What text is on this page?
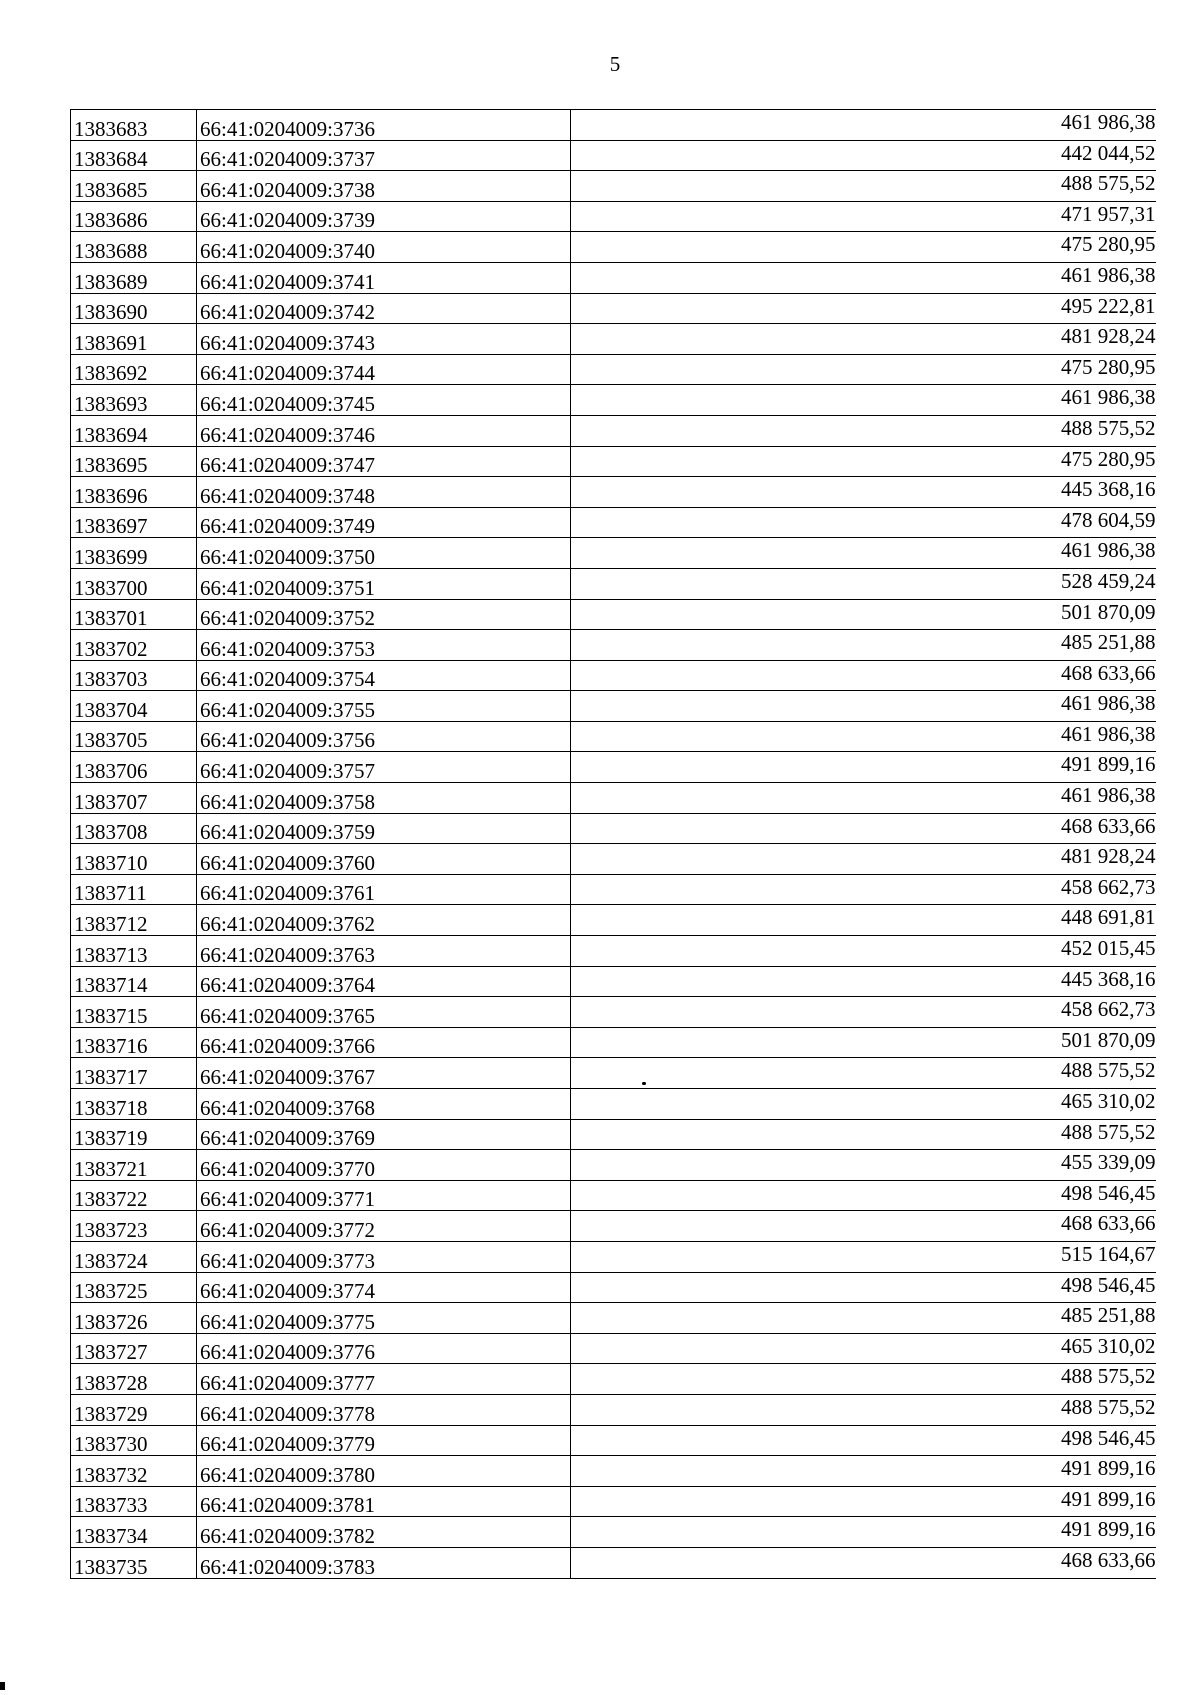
5
1383683	66:41:0204009:3736	461 986,38
1383684	66:41:0204009:3737	442 044,52
1383685	66:41:0204009:3738	488 575,52
1383686	66:41:0204009:3739	471 957,31
1383688	66:41:0204009:3740	475 280,95
1383689	66:41:0204009:3741	461 986,38
1383690	66:41:0204009:3742	495 222,81
1383691	66:41:0204009:3743	481 928,24
1383692	66:41:0204009:3744	475 280,95
1383693	66:41:0204009:3745	461 986,38
1383694	66:41:0204009:3746	488 575,52
1383695	66:41:0204009:3747	475 280,95
1383696	66:41:0204009:3748	445 368,16
1383697	66:41:0204009:3749	478 604,59
1383699	66:41:0204009:3750	461 986,38
1383700	66:41:0204009:3751	528 459,24
1383701	66:41:0204009:3752	501 870,09
1383702	66:41:0204009:3753	485 251,88
1383703	66:41:0204009:3754	468 633,66
1383704	66:41:0204009:3755	461 986,38
1383705	66:41:0204009:3756	461 986,38
1383706	66:41:0204009:3757	491 899,16
1383707	66:41:0204009:3758	461 986,38
1383708	66:41:0204009:3759	468 633,66
1383710	66:41:0204009:3760	481 928,24
1383711	66:41:0204009:3761	458 662,73
1383712	66:41:0204009:3762	448 691,81
1383713	66:41:0204009:3763	452 015,45
1383714	66:41:0204009:3764	445 368,16
1383715	66:41:0204009:3765	458 662,73
1383716	66:41:0204009:3766	501 870,09
1383717	66:41:0204009:3767	488 575,52
1383718	66:41:0204009:3768	465 310,02
1383719	66:41:0204009:3769	488 575,52
1383721	66:41:0204009:3770	455 339,09
1383722	66:41:0204009:3771	498 546,45
1383723	66:41:0204009:3772	468 633,66
1383724	66:41:0204009:3773	515 164,67
1383725	66:41:0204009:3774	498 546,45
1383726	66:41:0204009:3775	485 251,88
1383727	66:41:0204009:3776	465 310,02
1383728	66:41:0204009:3777	488 575,52
1383729	66:41:0204009:3778	488 575,52
1383730	66:41:0204009:3779	498 546,45
1383732	66:41:0204009:3780	491 899,16
1383733	66:41:0204009:3781	491 899,16
1383734	66:41:0204009:3782	491 899,16
1383735	66:41:0204009:3783	468 633,66
